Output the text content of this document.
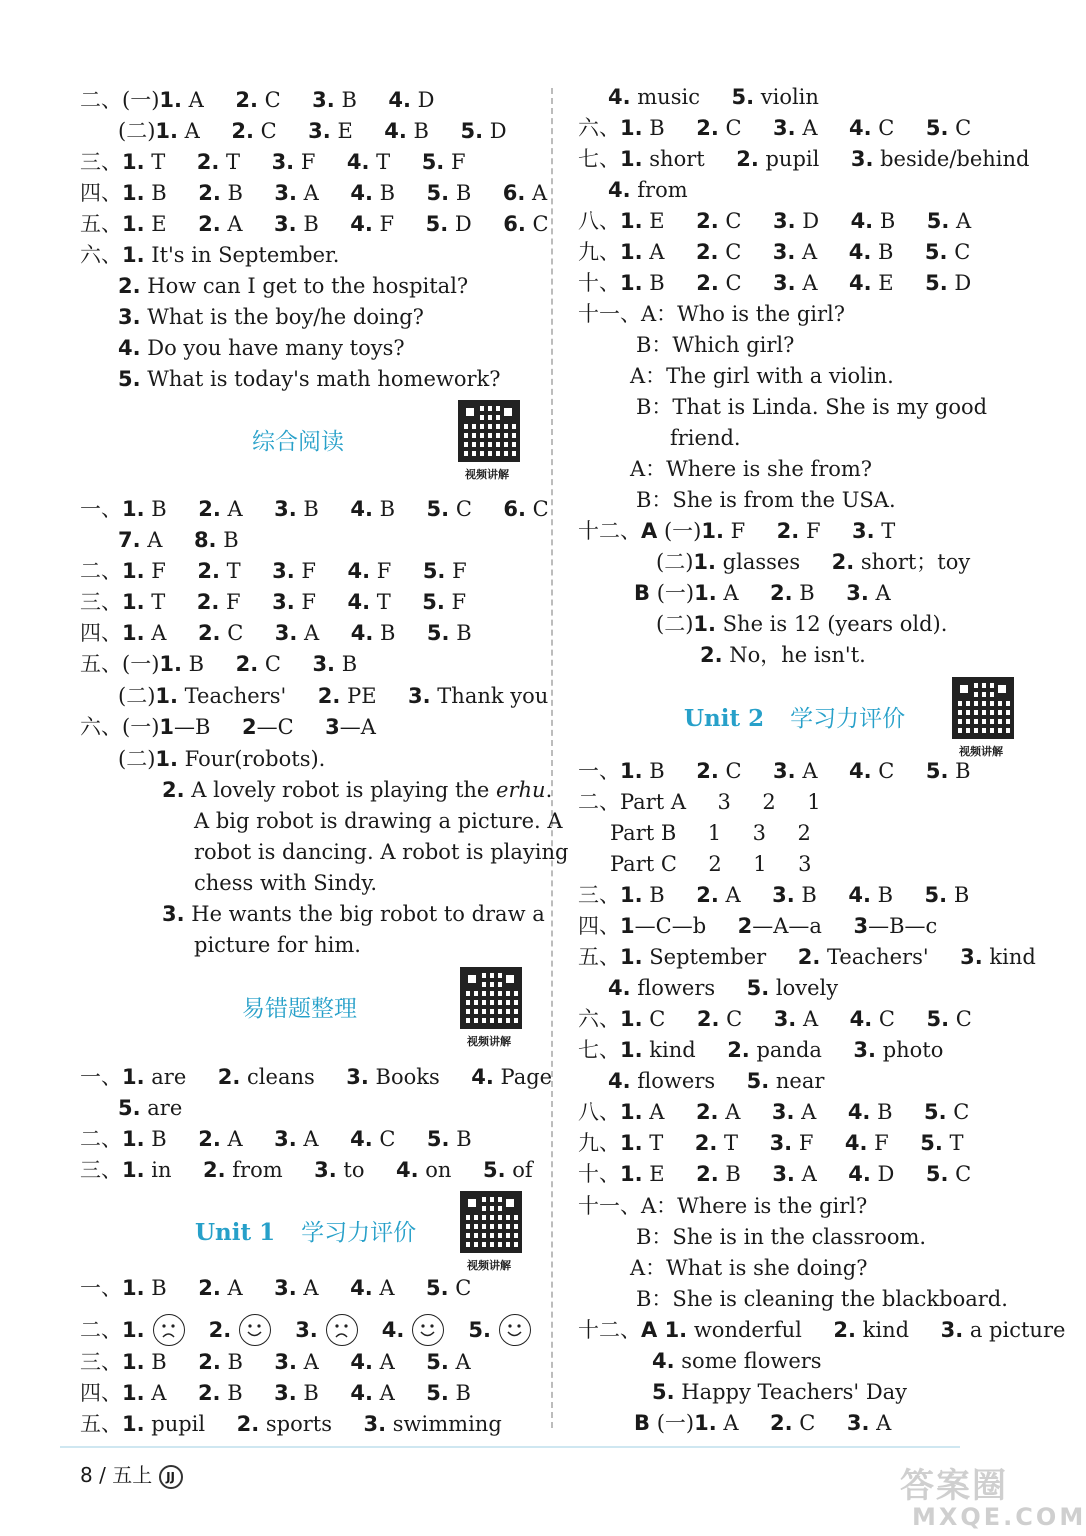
二、(一)1. A  2. C  3. B  4. D
(二)1. A  2. C  3. E  4. B  5. D
三、1. T  2. T  3. F  4. T  5. F
四、1. B  2. B  3. A  4. B  5. B  6. A
五、1. E  2. A  3. B  4. F  5. D  6. C
六、1. It's in September.
2. How can I get to the hospital?
3. What is the boy/he doing?
4. Do you have many toys?
5. What is today's math homework?
一、1. B  2. A  3. B  4. B  5. C  6. C
7. A  8. B
二、1. F  2. T  3. F  4. F  5. F
三、1. T  2. F  3. F  4. T  5. F
四、1. A  2. C  3. A  4. B  5. B
五、(一)1. B  2. C  3. B
(二)1. Teachers'  2. PE  3. Thank you
六、(一)1—B  2—C  3—A
(二)1. Four(robots).
2. A lovely robot is playing the erhu.
A big robot is drawing a picture. A
robot is dancing. A robot is playing
chess with Sindy.
3. He wants the big robot to draw a
picture for him.
一、1. are  2. cleans  3. Books  4. Page
5. are
二、1. B  2. A  3. A  4. C  5. B
三、1. in  2. from  3. to  4. on  5. of
一、1. B  2. A  3. A  4. A  5. C
三、1. B  2. B  3. A  4. A  5. A
四、1. A  2. B  3. B  4. A  5. B
五、1. pupil  2. sports  3. swimming
二、1.	2.	3.	4.	5.
综合阅读
视频讲解
易错题整理
视频讲解
Unit 1 学习力评价
视频讲解
4. music  5. violin
六、1. B  2. C  3. A  4. C  5. C
七、1. short  2. pupil  3. beside/behind
4. from
八、1. E  2. C  3. D  4. B  5. A
九、1. A  2. C  3. A  4. B  5. C
十、1. B  2. C  3. A  4. E  5. D
十一、A：Who is the girl?
B：Which girl?
A：The girl with a violin.
B：That is Linda. She is my good
friend.
A：Where is she from?
B：She is from the USA.
十二、A (一)1. F  2. F  3. T
(二)1. glasses  2. short；toy
B (一)1. A  2. B  3. A
(二)1. She is 12 (years old).
2. No，he isn't.
一、1. B  2. C  3. A  4. C  5. B
二、Part A  3  2  1
Part B  1  3  2
Part C  2  1  3
三、1. B  2. A  3. B  4. B  5. B
四、1—C—b  2—A—a  3—B—c
五、1. September  2. Teachers'  3. kind
4. flowers  5. lovely
六、1. C  2. C  3. A  4. C  5. C
七、1. kind  2. panda  3. photo
4. flowers  5. near
八、1. A  2. A  3. A  4. B  5. C
九、1. T  2. T  3. F  4. F  5. T
十、1. E  2. B  3. A  4. D  5. C
十一、A：Where is the girl?
B：She is in the classroom.
A：What is she doing?
B：She is cleaning the blackboard.
十二、A 1. wonderful  2. kind  3. a picture
4. some flowers
5. Happy Teachers' Day
B (一)1. A  2. C  3. A
Unit 2 学习力评价
视频讲解
8 / 五上 JJ	答案圈
MXQE.COM
